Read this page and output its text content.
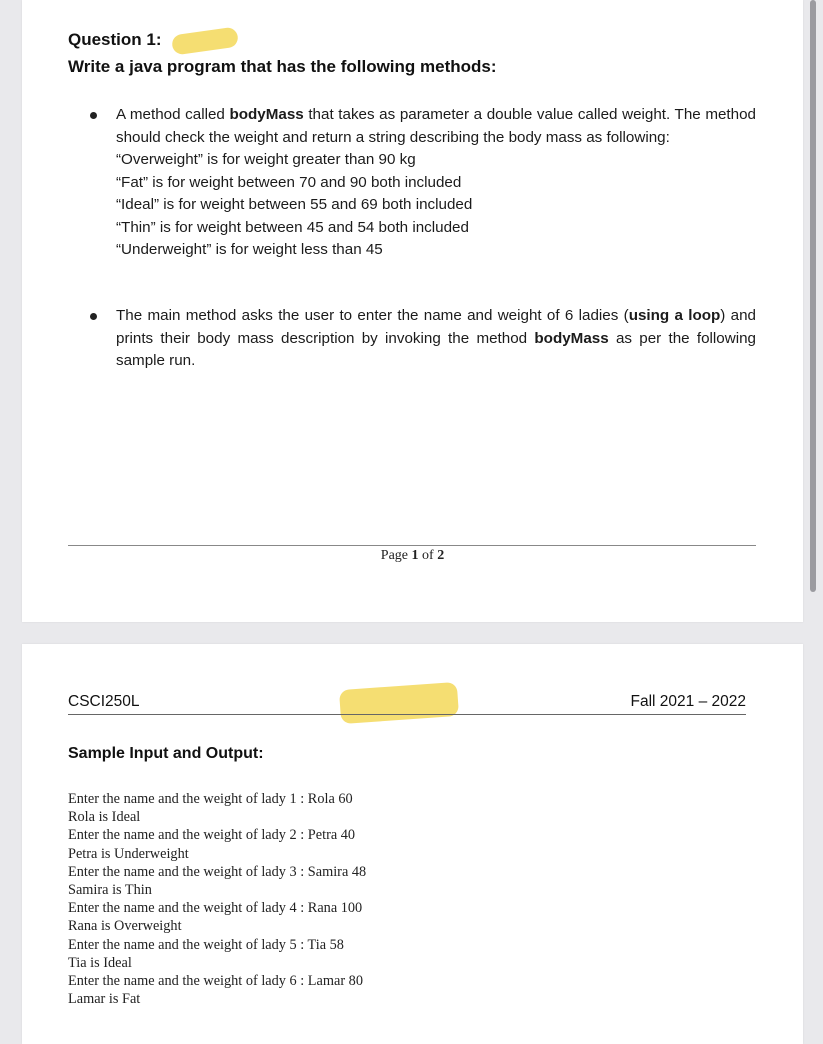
Question 1:
Write a java program that has the following methods:
A method called bodyMass that takes as parameter a double value called weight. The method should check the weight and return a string describing the body mass as following:
“Overweight” is for weight greater than 90 kg
“Fat” is for weight between 70 and 90 both included
“Ideal” is for weight between 55 and 69 both included
“Thin” is for weight between 45 and 54 both included
“Underweight” is for weight less than 45
The main method asks the user to enter the name and weight of 6 ladies (using a loop) and prints their body mass description by invoking the method bodyMass as per the following sample run.
Page 1 of 2
CSCI250L	Fall 2021 – 2022
Sample Input and Output:
Enter the name and the weight of lady 1 : Rola 60
Rola is Ideal
Enter the name and the weight of lady 2 : Petra 40
Petra is Underweight
Enter the name and the weight of lady 3 : Samira 48
Samira is Thin
Enter the name and the weight of lady 4 : Rana 100
Rana is Overweight
Enter the name and the weight of lady 5 : Tia 58
Tia is Ideal
Enter the name and the weight of lady 6 : Lamar 80
Lamar is Fat
